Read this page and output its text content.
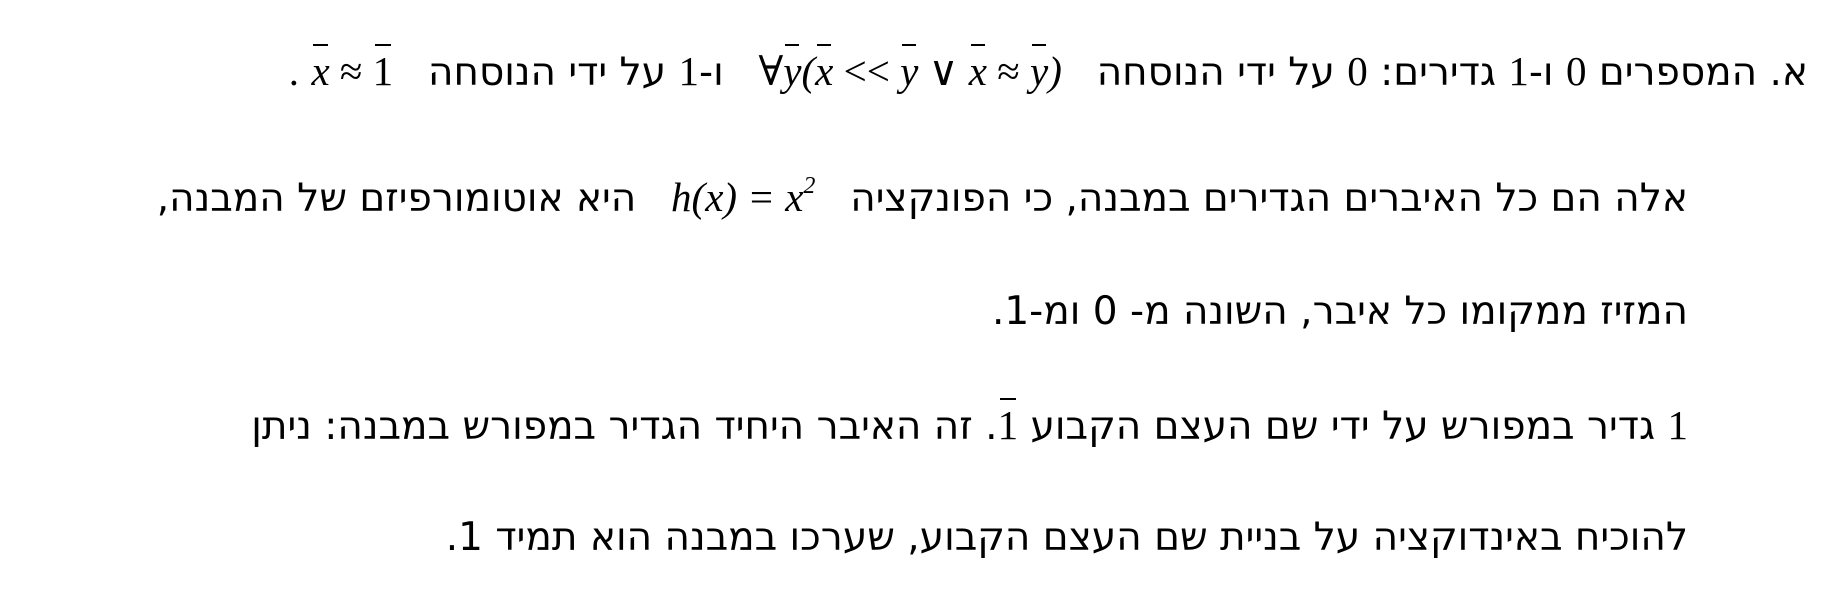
א. המספרים 0 ו-1 גדירים: 0 על ידי הנוסחה  ∀y(x << y ∨ x ≈ y)  ו-1 על ידי הנוסחה  x ≈ 1 .
אלה הם כל האיברים הגדירים במבנה, כי הפונקציה  $h(x) = x^2$  היא אוטומורפיזם של המבנה,
המזיז ממקומו כל איבר, השונה מ- 0 ומ-1.
1 גדיר במפורש על ידי שם העצם הקבוע 1. זה האיבר היחיד הגדיר במפורש במבנה: ניתן
להוכיח באינדוקציה על בניית שם העצם הקבוע, שערכו במבנה הוא תמיד 1.
